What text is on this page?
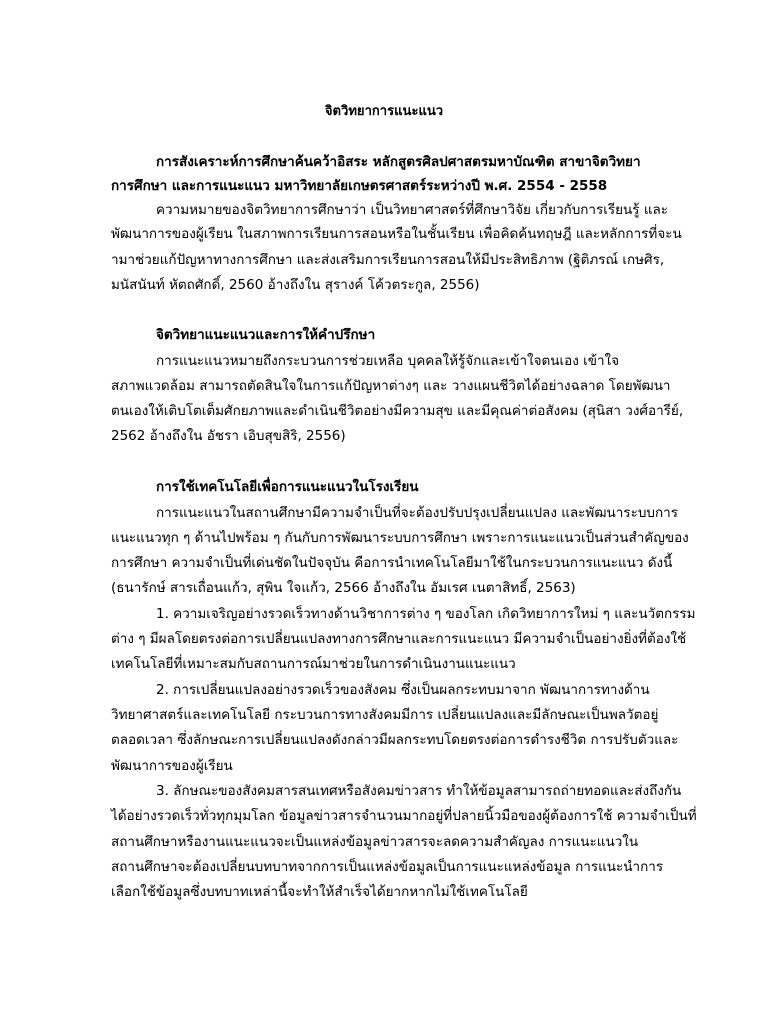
จิตวิทยาการแนะแนว
การสังเคราะห์การศึกษาค้นคว้าอิสระ หลักสูตรศิลปศาสตรมหาบัณฑิต สาขาจิตวิทยา
การศึกษา และการแนะแนว มหาวิทยาลัยเกษตรศาสตร์ระหว่างปี พ.ศ. 2554 - 2558
ความหมายของจิตวิทยาการศึกษาว่า เป็นวิทยาศาสตร์ที่ศึกษาวิจัย เกี่ยวกับการเรียนรู้ และ
พัฒนาการของผู้เรียน ในสภาพการเรียนการสอนหรือในชั้นเรียน เพื่อคิดค้นทฤษฎี และหลักการที่จะน
ามาช่วยแก้ปัญหาทางการศึกษา และส่งเสริมการเรียนการสอนให้มีประสิทธิภาพ (ฐิติภรณ์ เกษศิร,
มนัสนันท์ หัตถศักดิ์, 2560 อ้างถึงใน สุรางค์ โค้วตระกูล, 2556)
จิตวิทยาแนะแนวและการให้คำปรึกษา
การแนะแนวหมายถึงกระบวนการช่วยเหลือ บุคคลให้รู้จักและเข้าใจตนเอง เข้าใจ
สภาพแวดล้อม สามารถตัดสินใจในการแก้ปัญหาต่างๆ และ วางแผนชีวิตได้อย่างฉลาด โดยพัฒนา
ตนเองให้เติบโตเต็มศักยภาพและดำเนินชีวิตอย่างมีความสุข และมีคุณค่าต่อสังคม (สุนิสา วงศ์อารีย์,
2562 อ้างถึงใน อัชรา เอิบสุขสิริ, 2556)
การใช้เทคโนโลยีเพื่อการแนะแนวในโรงเรียน
การแนะแนวในสถานศึกษามีความจำเป็นที่จะต้องปรับปรุงเปลี่ยนแปลง และพัฒนาระบบการ
แนะแนวทุก ๆ ด้านไปพร้อม ๆ กันกับการพัฒนาระบบการศึกษา เพราะการแนะแนวเป็นส่วนสำคัญของ
การศึกษา ความจำเป็นที่เด่นชัดในปัจจุบัน คือการนำเทคโนโลยีมาใช้ในกระบวนการแนะแนว ดังนี้
(ธนารักษ์ สารเถื่อนแก้ว, สุพิน ใจแก้ว, 2566 อ้างถึงใน อัมเรศ เนตาสิทธิ์, 2563)
1. ความเจริญอย่างรวดเร็วทางด้านวิชาการต่าง ๆ ของโลก เกิดวิทยาการใหม่ ๆ และนวัตกรรม
ต่าง ๆ มีผลโดยตรงต่อการเปลี่ยนแปลงทางการศึกษาและการแนะแนว มีความจำเป็นอย่างยิ่งที่ต้องใช้
เทคโนโลยีที่เหมาะสมกับสถานการณ์มาช่วยในการดำเนินงานแนะแนว
2. การเปลี่ยนแปลงอย่างรวดเร็วของสังคม ซึ่งเป็นผลกระทบมาจาก พัฒนาการทางด้าน
วิทยาศาสตร์และเทคโนโลยี กระบวนการทางสังคมมีการ เปลี่ยนแปลงและมีลักษณะเป็นพลวัตอยู่
ตลอดเวลา ซึ่งลักษณะการเปลี่ยนแปลงดังกล่าวมีผลกระทบโดยตรงต่อการดำรงชีวิต การปรับตัวและ
พัฒนาการของผู้เรียน
3. ลักษณะของสังคมสารสนเทศหรือสังคมข่าวสาร ทำให้ข้อมูลสามารถถ่ายทอดและส่งถึงกัน
ได้อย่างรวดเร็วทั่วทุกมุมโลก ข้อมูลข่าวสารจำนวนมากอยู่ที่ปลายนิ้วมือของผู้ต้องการใช้ ความจำเป็นที่
สถานศึกษาหรืองานแนะแนวจะเป็นแหล่งข้อมูลข่าวสารจะลดความสำคัญลง การแนะแนวใน
สถานศึกษาจะต้องเปลี่ยนบทบาทจากการเป็นแหล่งข้อมูลเป็นการแนะแหล่งข้อมูล การแนะนำการ
เลือกใช้ข้อมูลซึ่งบทบาทเหล่านี้จะทำให้สำเร็จได้ยากหากไม่ใช้เทคโนโลยี
